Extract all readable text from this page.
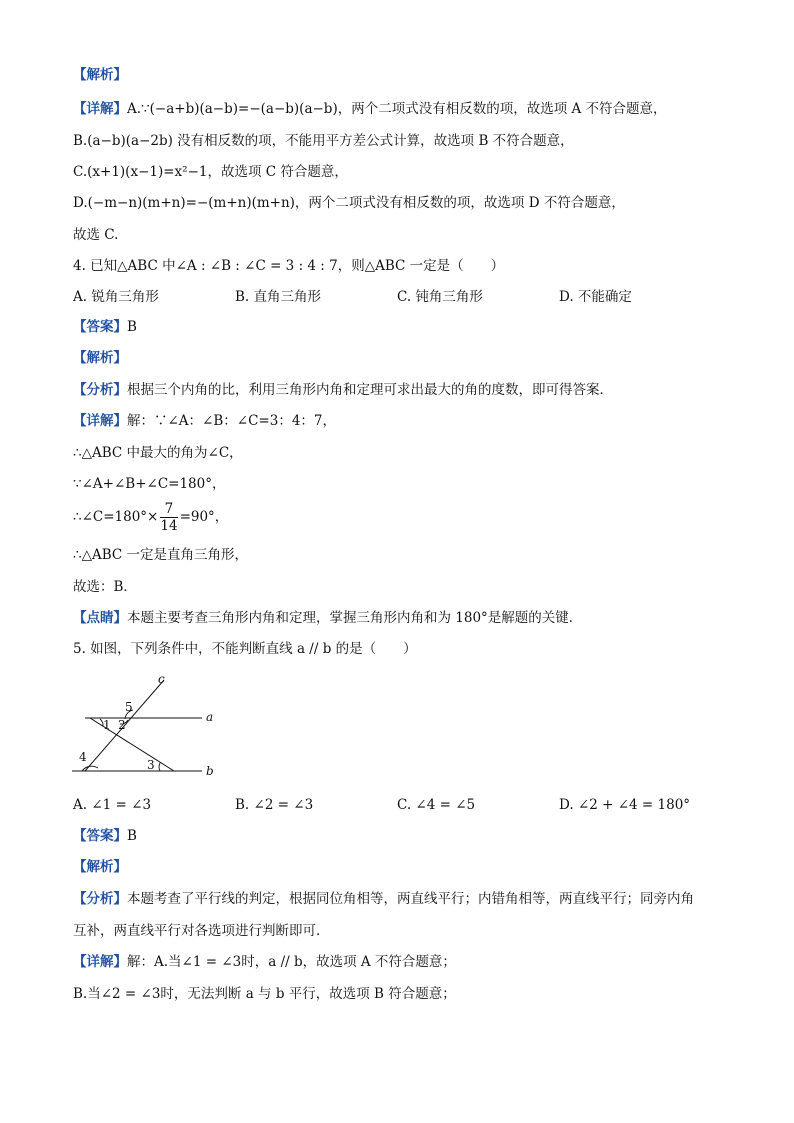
【解析】
【详解】A.∵(−a+b)(a−b)=−(a−b)(a−b)，两个二项式没有相反数的项，故选项 A 不符合题意，
B.(a−b)(a−2b) 没有相反数的项，不能用平方差公式计算，故选项 B 不符合题意，
C.(x+1)(x−1)=x²−1，故选项 C 符合题意，
D.(−m−n)(m+n)=−(m+n)(m+n)，两个二项式没有相反数的项，故选项 D 不符合题意，
故选 C.
4. 已知△ABC 中∠A : ∠B : ∠C = 3 : 4 : 7，则△ABC 一定是（　　）
A. 锐角三角形	B. 直角三角形	C. 钝角三角形	D. 不能确定
【答案】B
【解析】
【分析】根据三个内角的比，利用三角形内角和定理可求出最大的角的度数，即可得答案．
【详解】解：∵∠A：∠B：∠C=3：4：7，
∴△ABC 中最大的角为∠C，
∵∠A+∠B+∠C=180°，
∴∠C=180°× $\frac{7}{14} =90^\circ$，
∴△ABC 一定是直角三角形，
故选：B．
【点睛】本题主要考查三角形内角和定理，掌握三角形内角和为 180°是解题的关键．
5. 如图，下列条件中，不能判断直线 a // b 的是（　　）
c
a
b
5
2
1
4
3
A. ∠1 = ∠3	B. ∠2 = ∠3	C. ∠4 = ∠5	D. ∠2 + ∠4 = 180°
【答案】B
【解析】
【分析】本题考查了平行线的判定，根据同位角相等，两直线平行；内错角相等，两直线平行；同旁内角
互补，两直线平行对各选项进行判断即可．
【详解】解：A.当∠1 = ∠3时，a // b，故选项 A 不符合题意；
B.当∠2 = ∠3时，无法判断 a 与 b 平行，故选项 B 符合题意；
